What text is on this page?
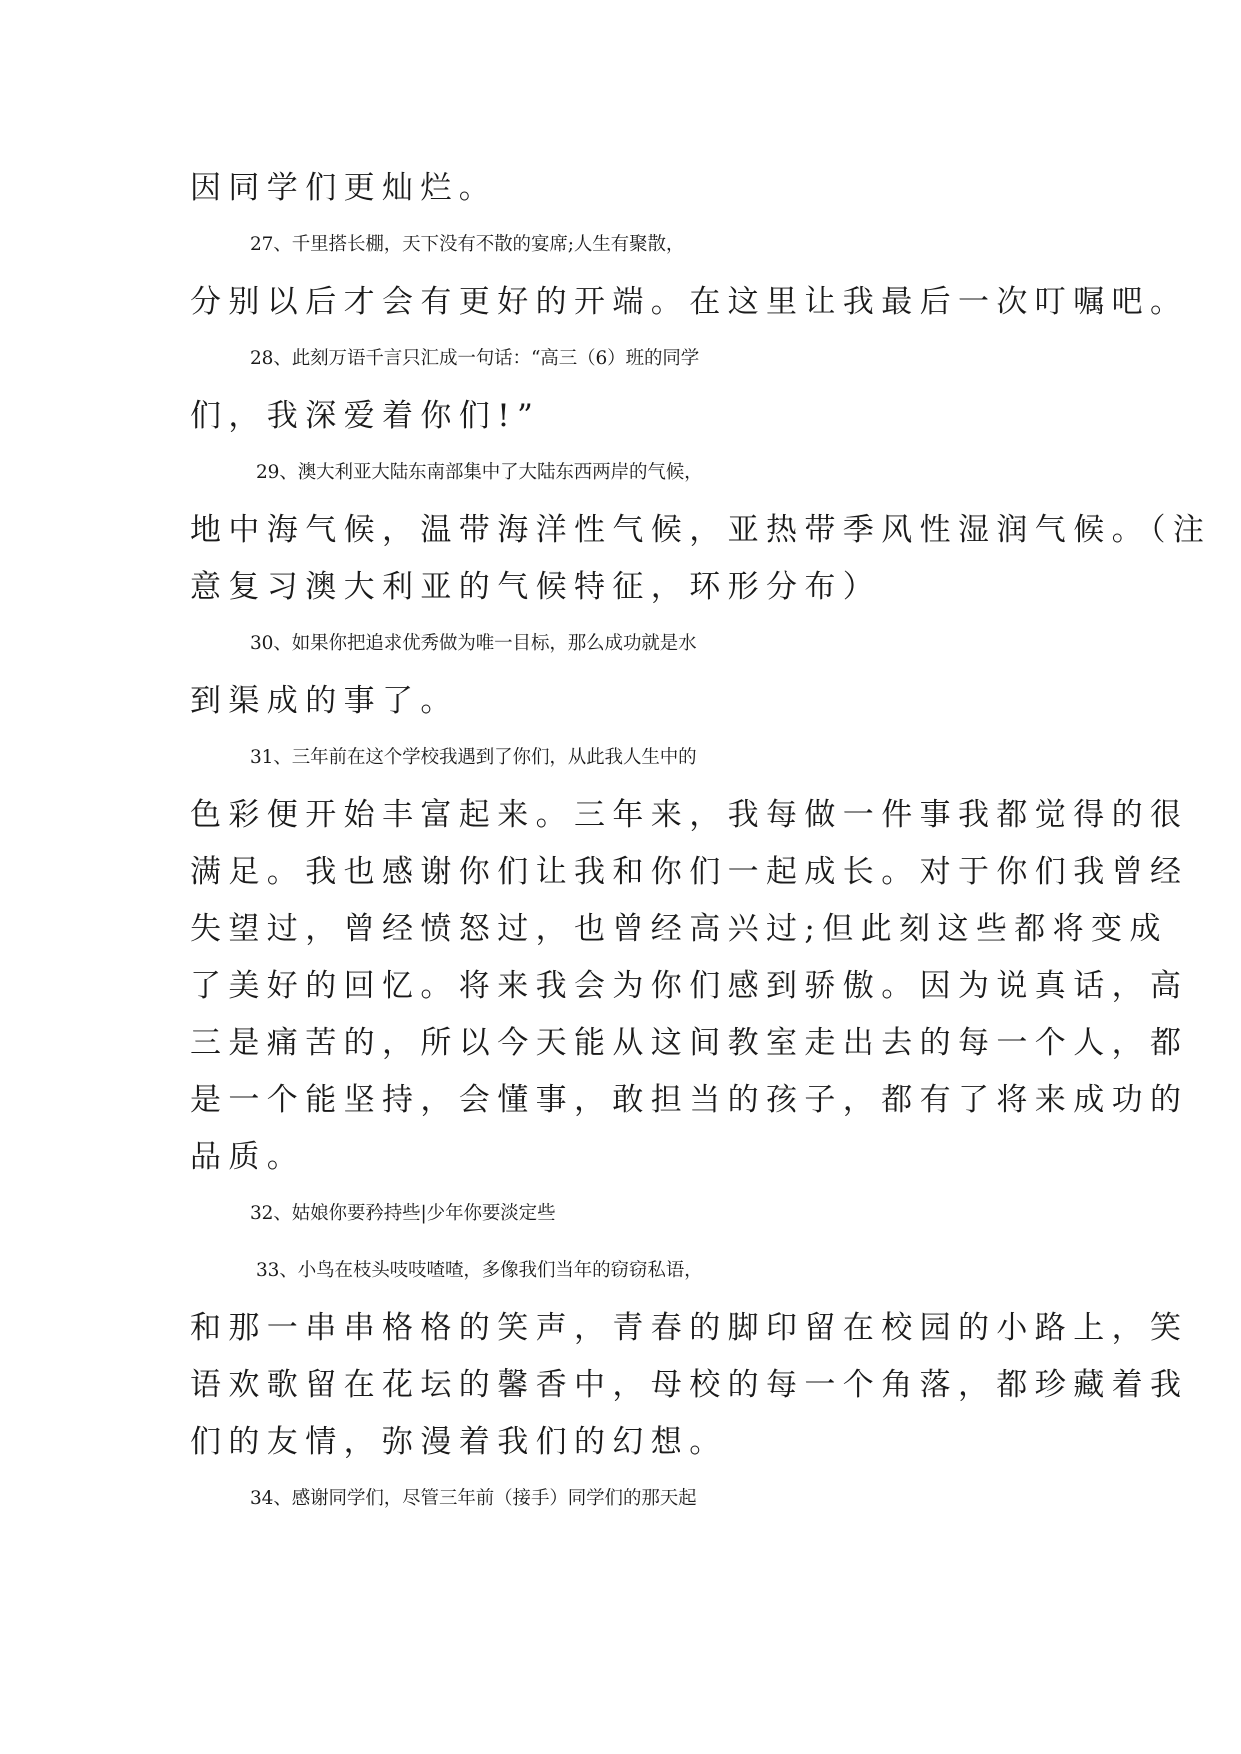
因同学们更灿烂。
27、千里搭长棚，天下没有不散的宴席;人生有聚散，
分别以后才会有更好的开端。在这里让我最后一次叮嘱吧。
28、此刻万语千言只汇成一句话：“高三（6）班的同学
们，我深爱着你们!”
29、澳大利亚大陆东南部集中了大陆东西两岸的气候，
地中海气候，温带海洋性气候，亚热带季风性湿润气候。（注
意复习澳大利亚的气候特征，环形分布）
30、如果你把追求优秀做为唯一目标，那么成功就是水
到渠成的事了。
31、三年前在这个学校我遇到了你们，从此我人生中的
色彩便开始丰富起来。三年来，我每做一件事我都觉得的很
满足。我也感谢你们让我和你们一起成长。对于你们我曾经
失望过，曾经愤怒过，也曾经高兴过;但此刻这些都将变成
了美好的回忆。将来我会为你们感到骄傲。因为说真话，高
三是痛苦的，所以今天能从这间教室走出去的每一个人，都
是一个能坚持，会懂事，敢担当的孩子，都有了将来成功的
品质。
32、姑娘你要矜持些|少年你要淡定些
33、小鸟在枝头吱吱喳喳，多像我们当年的窃窃私语，
和那一串串格格的笑声，青春的脚印留在校园的小路上，笑
语欢歌留在花坛的馨香中，母校的每一个角落，都珍藏着我
们的友情，弥漫着我们的幻想。
34、感谢同学们，尽管三年前（接手）同学们的那天起
